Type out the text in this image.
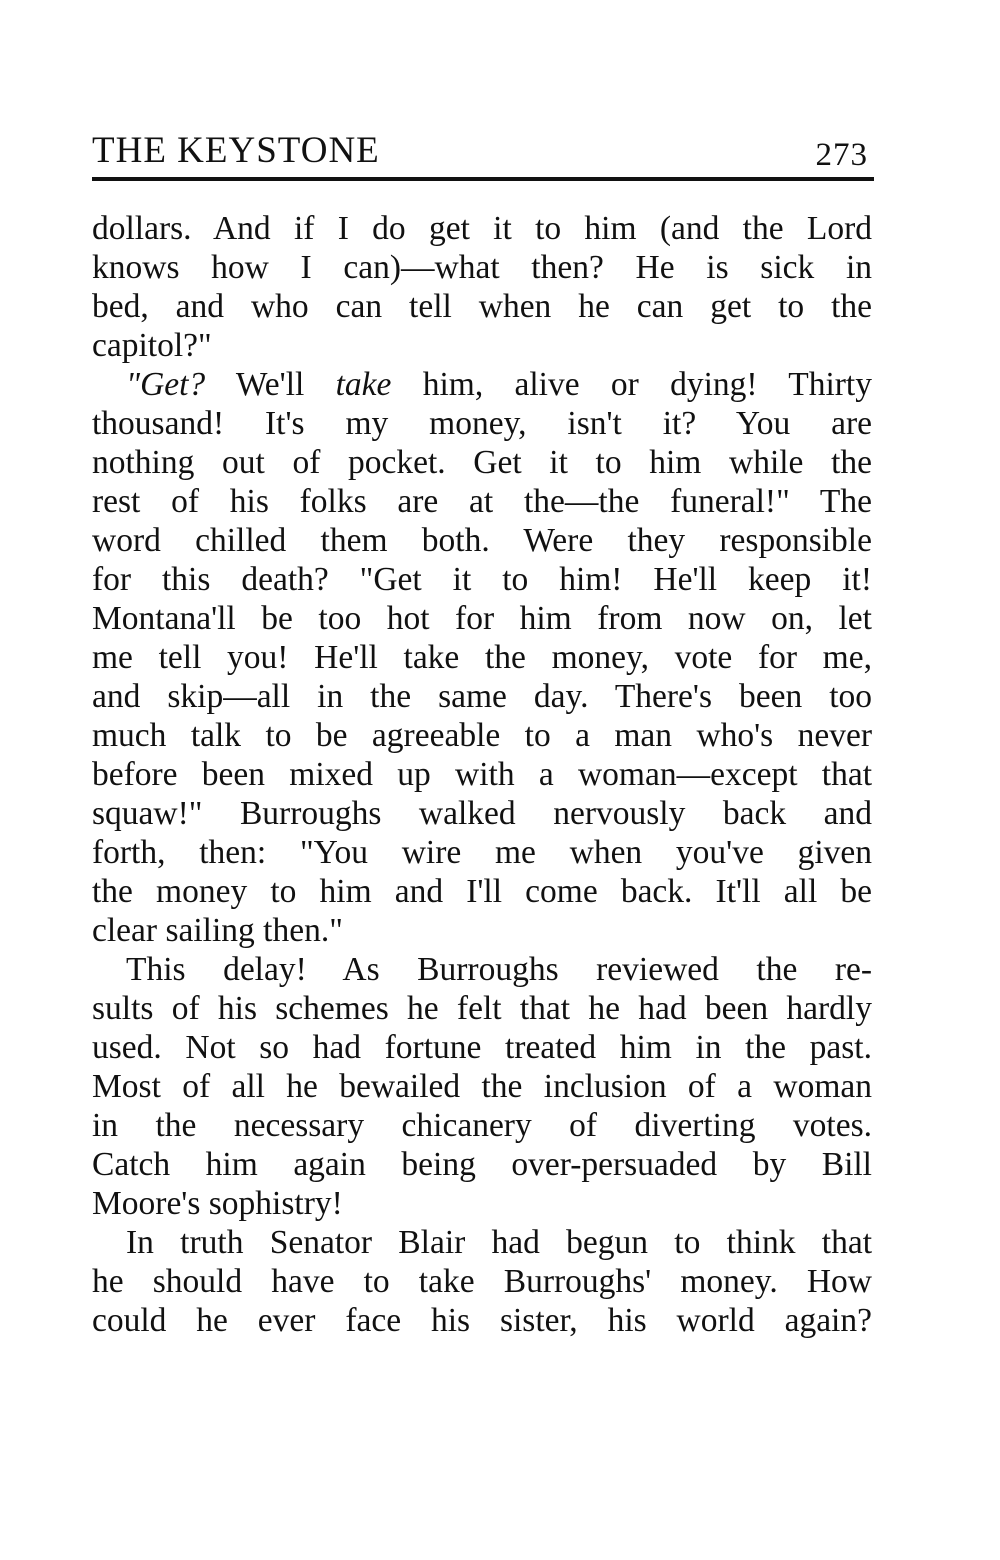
THE KEYSTONE	273
dollars. And if I do get it to him (and the Lord
knows how I can)—what then? He is sick in
bed, and who can tell when he can get to the
capitol?"
"Get? We'll take him, alive or dying! Thirty
thousand! It's my money, isn't it? You are
nothing out of pocket. Get it to him while the
rest of his folks are at the—the funeral!" The
word chilled them both. Were they responsible
for this death? "Get it to him! He'll keep it!
Montana'll be too hot for him from now on, let
me tell you! He'll take the money, vote for me,
and skip—all in the same day. There's been too
much talk to be agreeable to a man who's never
before been mixed up with a woman—except that
squaw!" Burroughs walked nervously back and
forth, then: "You wire me when you've given
the money to him and I'll come back. It'll all be
clear sailing then."
This delay! As Burroughs reviewed the re-
sults of his schemes he felt that he had been hardly
used. Not so had fortune treated him in the past.
Most of all he bewailed the inclusion of a woman
in the necessary chicanery of diverting votes.
Catch him again being over-persuaded by Bill
Moore's sophistry!
In truth Senator Blair had begun to think that
he should have to take Burroughs' money. How
could he ever face his sister, his world again?
